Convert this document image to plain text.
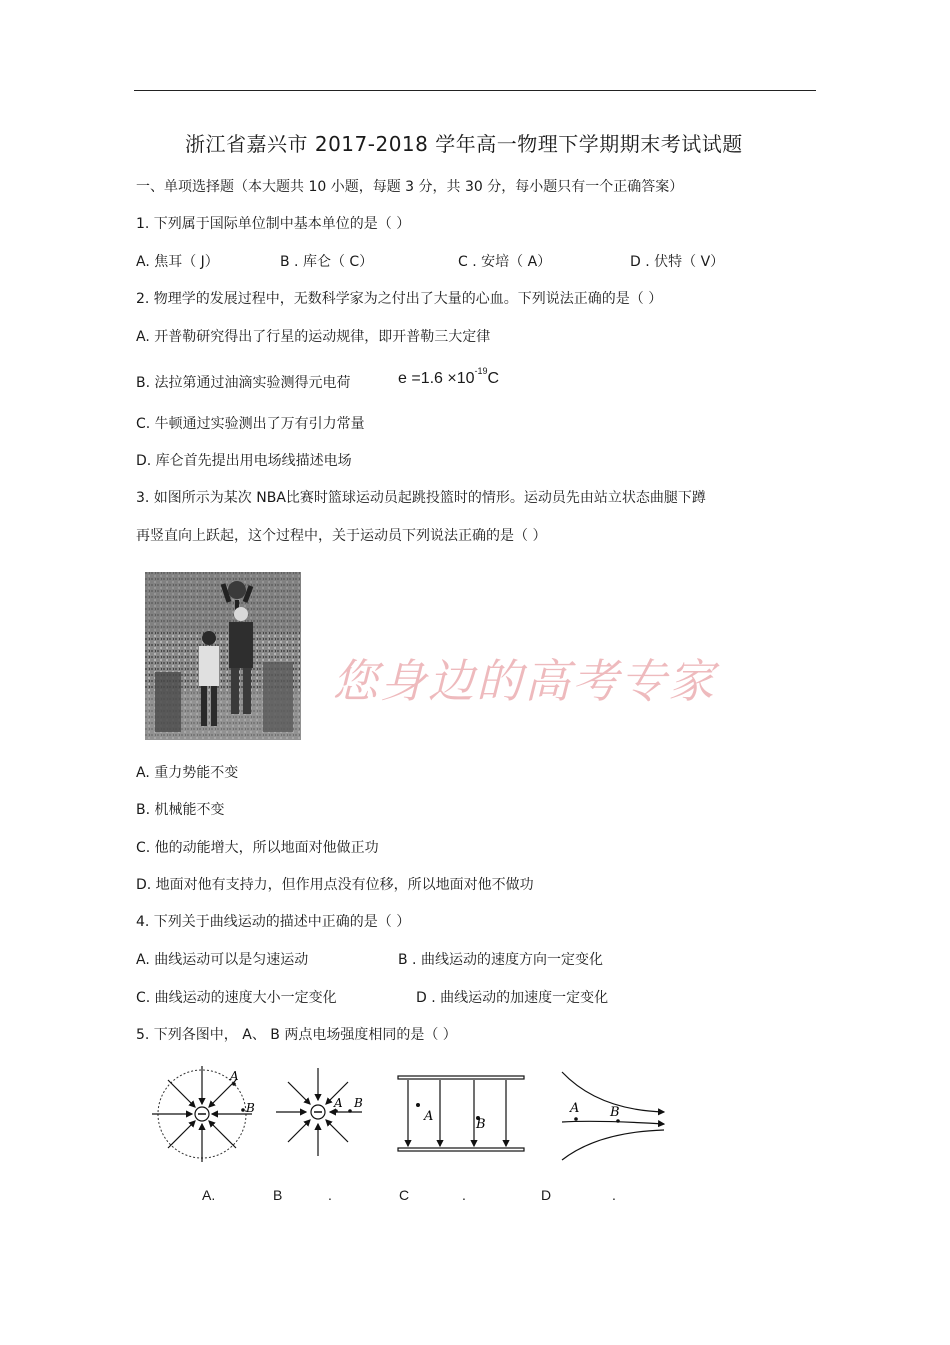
浙江省嘉兴市 2017-2018 学年高一物理下学期期末考试试题
一、单项选择题（本大题共 10 小题，每题 3 分，共 30 分，每小题只有一个正确答案）
1. 下列属于国际单位制中基本单位的是（ ）
A. 焦耳（ J）	B . 库仑（ C）	C . 安培（ A）	D . 伏特（ V）
2. 物理学的发展过程中，无数科学家为之付出了大量的心血。下列说法正确的是（ ）
A. 开普勒研究得出了行星的运动规律，即开普勒三大定律
B. 法拉第通过油滴实验测得元电荷	$e =1.6 \times 10^{-19}C$
C. 牛顿通过实验测出了万有引力常量
D. 库仑首先提出用电场线描述电场
3. 如图所示为某次 NBA比赛时篮球运动员起跳投篮时的情形。运动员先由站立状态曲腿下蹲
再竖直向上跃起，这个过程中，关于运动员下列说法正确的是（ ）
您身边的高考专家
A. 重力势能不变
B. 机械能不变
C. 他的动能增大，所以地面对他做正功
D. 地面对他有支持力，但作用点没有位移，所以地面对他不做功
4. 下列关于曲线运动的描述中正确的是（ ）
A. 曲线运动可以是匀速运动	B . 曲线运动的速度方向一定变化
C. 曲线运动的速度大小一定变化	D . 曲线运动的加速度一定变化
5. 下列各图中， A、 B 两点电场强度相同的是（ ）
A
B	A B
A
B
A B
A.	B	.	C	.	D	.
